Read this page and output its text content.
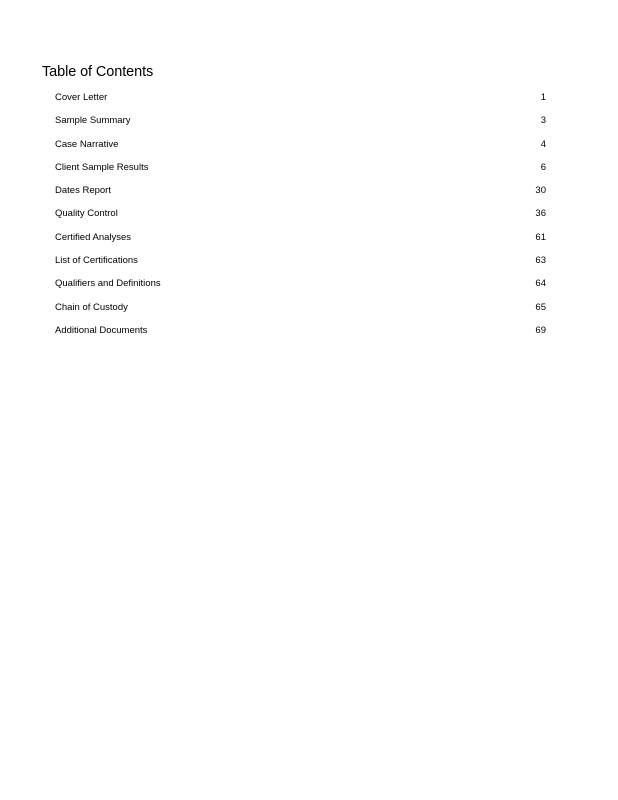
Table of Contents
Cover Letter	1
Sample Summary	3
Case Narrative	4
Client Sample Results	6
Dates Report	30
Quality Control	36
Certified Analyses	61
List of Certifications	63
Qualifiers and Definitions	64
Chain of Custody	65
Additional Documents	69
